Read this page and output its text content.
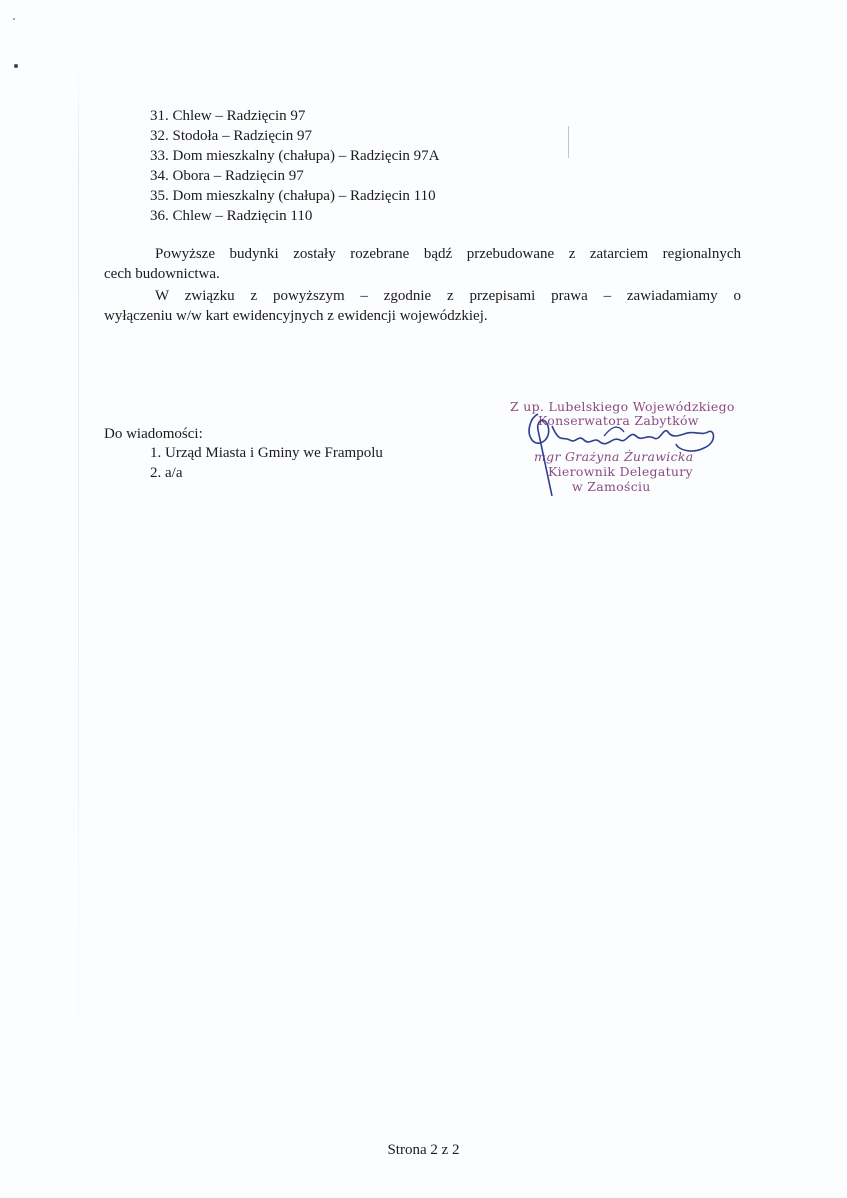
31. Chlew – Radzięcin 97
32. Stodoła – Radzięcin 97
33. Dom mieszkalny (chałupa) – Radzięcin 97A
34. Obora – Radzięcin 97
35. Dom mieszkalny (chałupa) – Radzięcin 110
36. Chlew – Radzięcin 110

Powyższe budynki zostały rozebrane bądź przebudowane z zatarciem regionalnych
cech budownictwa.

W związku z powyższym – zgodnie z przepisami prawa – zawiadamiamy o
wyłączeniu w/w kart ewidencyjnych z ewidencji wojewódzkiej.

Do wiadomości:

1. Urząd Miasta i Gminy we Frampolu
2. a/a
Z up. Lubelskiego Wojewódzkiego
Konserwatora Zabytków
mgr Grażyna Żurawicka
Kierownik Delegatury
w Zamościu
Strona 2 z 2
